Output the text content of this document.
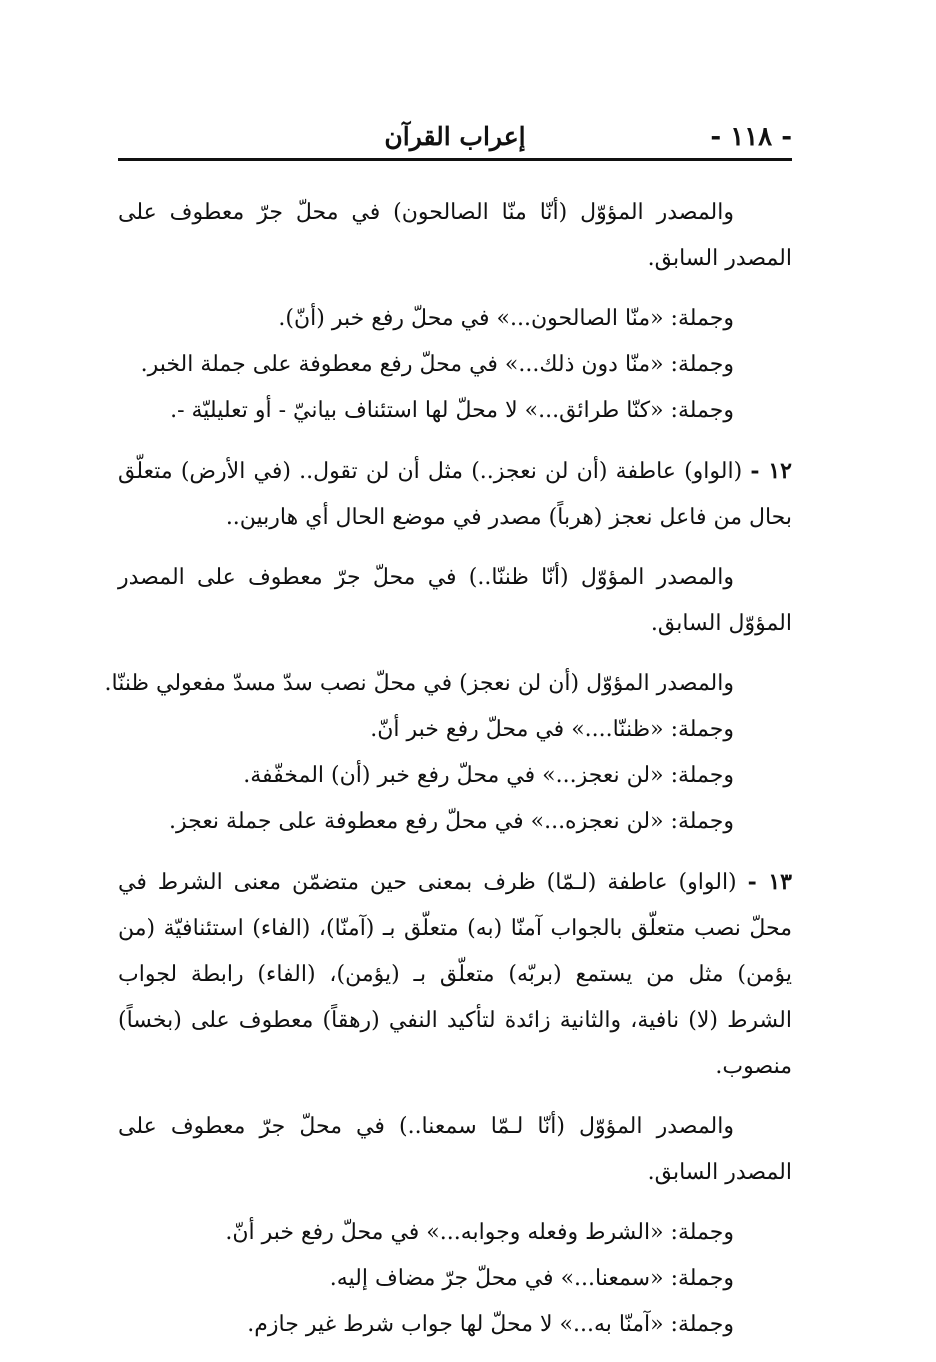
- ١١٨ -
إعراب القرآن

والمصدر المؤوّل (أنّا منّا الصالحون) في محلّ جرّ معطوف على المصدر السابق.

وجملة: «منّا الصالحون...» في محلّ رفع خبر (أنّ).

وجملة: «منّا دون ذلك...» في محلّ رفع معطوفة على جملة الخبر.

وجملة: «كنّا طرائق...» لا محلّ لها استئناف بيانيّ - أو تعليليّة -.

١٢ - (الواو) عاطفة (أن لن نعجز..) مثل أن لن تقول.. (في الأرض) متعلّق بحال من فاعل نعجز (هرباً) مصدر في موضع الحال أي هاربين..

والمصدر المؤوّل (أنّا ظننّا..) في محلّ جرّ معطوف على المصدر المؤوّل السابق.

والمصدر المؤوّل (أن لن نعجز) في محلّ نصب سدّ مسدّ مفعولي ظننّا.

وجملة: «ظننّا....» في محلّ رفع خبر أنّ.

وجملة: «لن نعجز...» في محلّ رفع خبر (أن) المخفّفة.

وجملة: «لن نعجزه...» في محلّ رفع معطوفة على جملة نعجز.

١٣ - (الواو) عاطفة (لـمّا) ظرف بمعنى حين متضمّن معنى الشرط في محلّ نصب متعلّق بالجواب آمنّا (به) متعلّق بـ (آمنّا)، (الفاء) استئنافيّة (من يؤمن) مثل من يستمع (بربّه) متعلّق بـ (يؤمن)، (الفاء) رابطة لجواب الشرط (لا) نافية، والثانية زائدة لتأكيد النفي (رهقاً) معطوف على (بخساً) منصوب.

والمصدر المؤوّل (أنّا لـمّا سمعنا..) في محلّ جرّ معطوف على المصدر السابق.

وجملة: «الشرط وفعله وجوابه...» في محلّ رفع خبر أنّ.

وجملة: «سمعنا...» في محلّ جرّ مضاف إليه.

وجملة: «آمنّا به...» لا محلّ لها جواب شرط غير جازم.
